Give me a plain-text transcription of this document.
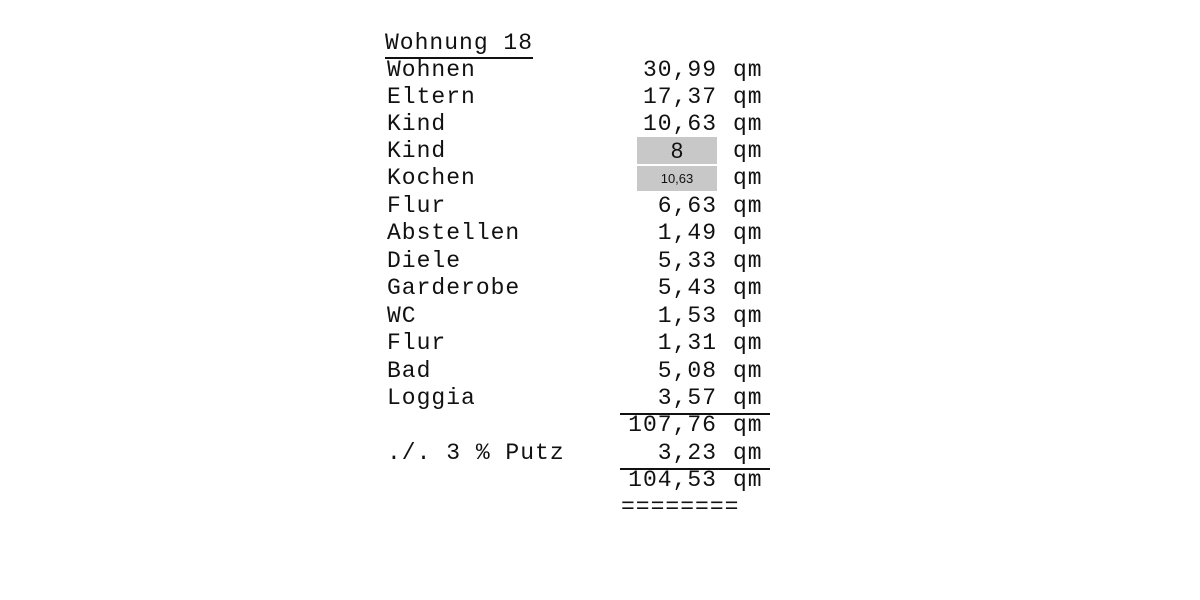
Wohnung 18
Wohnen	30,99 qm
Eltern	17,37 qm
Kind	10,63 qm
Kind	8	qm
Kochen	10,63	qm
Flur	6,63 qm
Abstellen	1,49 qm
Diele	5,33 qm
Garderobe	5,43 qm
WC	1,53 qm
Flur	1,31 qm
Bad	5,08 qm
Loggia	3,57 qm
107,76 qm
./. 3 % Putz	3,23 qm
104,53 qm
========
